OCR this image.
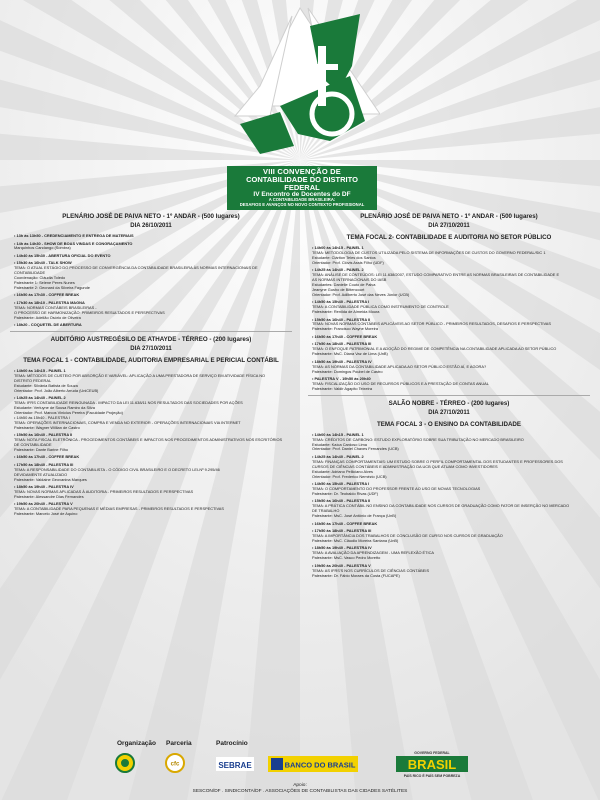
VIII CONVENÇÃO DE
CONTABILIDADE DO DISTRITO FEDERAL
IV Encontro de Docentes do DF
A CONTABILIDADE BRASILEIRA:
DESAFIOS E AVANÇOS NO NOVO CONTEXTO PROFISSIONAL
PLENÁRIO JOSÉ DE PAIVA NETO - 1º ANDAR - (500 lugares)
DIA 26/10/2011
• 13h às 13h50 - CREDENCIAMENTO E ENTREGA DE MATERIAIS
• 14h às 14h30 - SHOW DE BOAS VINDAS E CONGRAÇAMENTO
Marquinhos Candango (Sombra)
• 14h40 às 15h30 - ABERTURA OFICIAL DO EVENTO
• 15h30 às 16h40 - TALK SHOW
TEMA: O ATUAL ESTÁGIO DO PROCESSO DE CONVERGÊNCIA DA CONTABILIDADE BRASILEIRA ÀS NORMAS INTERNACIONAIS DE
CONTABILIDADE
Coordenação: Cláudia Toledo
Palestrante 1: Selene Peres Nunes
Palestrante 2: Geonard da Silveira Fagunde
• 16h50 às 17h30 - COFFEE BREAK
• 17h30 às 18h10 - PALESTRA MAGNA
TEMA: NORMAS CONTÁBEIS BRASILEIRAS -
O PROCESSO DE HARMONIZAÇÃO: PRIMEIROS RESULTADOS E PERSPECTIVAS
Palestrante: Adelião Osório de Oliveira
• 18h20 - COQUETEL DE ABERTURA
AUDITÓRIO AUSTREGÉSILO DE ATHAYDE - TÉRREO - (200 lugares)
DIA 27/10/2011
TEMA FOCAL 1 - CONTABILIDADE, AUDITORIA EMPRESARIAL E PERICIAL CONTÁBIL
• 14h00 às 14h15 - PAINEL 1
TEMA: MÉTODOS DE CUSTEIO POR ABSORÇÃO E VARIÁVEL: APLICAÇÃO A UMA PRESTADORA DE SERVIÇO EM ATIVIDADE FÍSICA NO
DISTRITO FEDERAL
Estudante: Silvânia Batista de Souza
Orientador: Prof. João Alberto Arruda (UniCEUB)
• 14h25 às 14h40 - PAINEL 2
TEMA: IFRS CONTABILIDADE REINGUNADA - IMPACTO DA LEI 11.638/11 NOS RESULTADOS DAS SOCIEDADES POR AÇÕES
Estudante: Verluyne de Sousa Ramiro da Silva
Orientador: Prof. Marcos Vinicius Pereira (Faculdade Projeção)
• 14h50 às 15h40 - PALESTRA I
TEMA: OPERAÇÕES INTERNACIONAIS, COMPRA E VENDA NO EXTERIOR - OPERAÇÕES INTERNACIONAIS VIA INTERNET
Palestrante: Wagner Willian de Castro
• 15h50 às 16h40 - PALESTRA II
TEMA: NOTA FISCAL ELETRÔNICA - PROCEDIMENTOS CONTÁBEIS E IMPACTOS NOS PROCEDIMENTOS ADMINISTRATIVOS NOS ESCRITÓRIOS
DE CONTABILIDADE
Palestrante: Dante Barine Filho
• 16h50 às 17h40 - COFFEE BREAK
• 17h50 às 18h40 - PALESTRA III
TEMA: A RESPONSABILIDADE DO CONTABILISTA - O CÓDIGO CIVIL BRASILEIRO E O DECRETO LEI-Nº 9.295/46
DEVIDAMENTE ATUALIZADO
Palestrante: Valdaine Geovanina Marques
• 18h50 às 19h40 - PALESTRA IV
TEMA: NOVAS NORMAS APLICADAS À AUDITORIA - PRIMEIROS RESULTADOS E PERSPECTIVAS
Palestrante: Alessandre Dias Fernandes
• 19h50 às 20h40 - PALESTRA V
TEMA: A CONTABILIDADE PARA PEQUENAS E MÉDIAS EMPRESAS - PRIMEIROS RESULTADOS E PERSPECTIVAS
Palestrante: Marcelo José de Aquino
PLENÁRIO JOSÉ DE PAIVA NETO - 1º ANDAR - (500 lugares)
DIA 27/10/2011
TEMA FOCAL 2- CONTABILIDADE E AUDITORIA NO SETOR PÚBLICO
• 14h00 às 14h15 - PAINEL 1
TEMA: METODOLOGIA DE CUSTOS UTILIZADA PELO SISTEMA DE INFORMAÇÕES DE CUSTOS DO GOVERNO FEDERAL/SIC 1
Estudante: Cláriton Teles dos Santos
Orientador: Prof. Clóvis Assis Filho (UDF)
• 14h25 às 14h40 - PAINEL 2
TEMA: ANÁLISE DE CONTEÚDOS: LEI 11.638/2007, ESTUDO COMPARATIVO ENTRE AS NORMAS BRASILEIRAS DE CONTABILIDADE E
AS NORMAS INTERNACIONAIS DO IASB
Estudantes: Danielle Couto de Paiva
Jeanyne Gusho de Bittencourt
Orientador: Prof. Adilberto José das Neves Júnior (UCB)
• 14h50 às 15h40 - PALESTRA I
TEMA: A CONTABILIDADE PÚBLICA COMO INSTRUMENTO DE CONTROLE
Palestrante: Renilda de Almeida Moura
• 15h50 às 16h40 - PALESTRA II
TEMA: NOVAS NORMAS CONTÁBEIS APLICÁVEIS AO SETOR PÚBLICO - PRIMEIROS RESULTADOS, DESAFIOS E PERSPECTIVAS
Palestrante: Francisco Wayne Moreira
• 16h50 às 17h40 - COFFEE BREAK
• 17h50 às 18h40 - PALESTRA III
TEMA: O ENFOQUE PATRIMONIAL E A ADOÇÃO DO REGIME DE COMPETÊNCIA NA CONTABILIDADE APLICADA AO SETOR PÚBLICO
Palestrante: MsC. Diana Vaz de Lima (UnB)
• 18h50 às 19h40 - PALESTRA IV
TEMA: AS NORMAS DA CONTABILIDADE APLICADA AO SETOR PÚBLICO ESTÃO AÍ, E AGORA?
Palestrante: Domingos Poubel de Castro
• PALESTRA V - 19h50 às 20h40
TEMA: FISCALIZAÇÃO DO USO DE RECURSOS PÚBLICOS E A PRESTAÇÃO DE CONTAS ANUAL
Palestrante: Valdir Agapito Teixeira
SALÃO NOBRE - TÉRREO - (200 lugares)
DIA 27/10/2011
TEMA FOCAL 3 - O ENSINO DA CONTABILIDADE
• 14h00 às 14h15 - PAINEL 1
TEMA: CRÉDITOS DE CARBONO: ESTUDO EXPLORATÓRIO SOBRE SUA TRIBUTAÇÃO NO MERCADO BRASILEIRO
Estudante: Kaíca Cardoso Lima
Orientador: Prof. Daniel Chaves Fernandes (UCB)
• 14h25 às 14h40 - PAINEL 2
TEMA: FINANÇAS COMPORTAMENTAIS: UM ESTUDO SOBRE O PERFIL COMPORTAMENTAL DOS ESTUDANTES E PROFESSORES DOS
CURSOS DE CIÊNCIAS CONTÁBEIS E ADMINISTRAÇÃO DA UCB QUE ATUAM COMO INVESTIDORES
Estudante: Adriano Pelliciano Alves
Orientador: Prof. Frederico Nemézio (UCB)
• 14h50 às 15h40 - PALESTRA I
TEMA: O COMPORTAMENTO DO PROFESSOR FRENTE AO USO DE NOVAS TECNOLOGIAS
Palestrante: Dr. Teobaldo Rivas (UDF)
• 15h50 às 16h40 - PALESTRA II
TEMA: A PRÁTICA CONTÁBIL NO ENSINO DA CONTABILIDADE NOS CURSOS DE GRADUAÇÃO COMO FATOR DE INSERÇÃO NO MERCADO
DE TRABALHO
Palestrante: MsC. José Antônio de França (UnB)
• 16h50 às 17h40 - COFFEE BREAK
• 17h50 às 18h40 - PALESTRA III
TEMA: A IMPORTÂNCIA DOS TRABALHOS DE CONCLUSÃO DE CURSO NOS CURSOS DE GRADUAÇÃO
Palestrante: MsC. Cláudio Moreira Santana (UnB)
• 18h50 às 19h40 - PALESTRA IV
TEMA: A AVALIAÇÃO DA APRENDIZAGEM - UMA REFLEXÃO ÉTICA
Palestrante: MsC. Vasco Pedro Moretto
• 19h50 às 20h40 - PALESTRA V
TEMA: AS IFRS'S NOS CURRÍCULOS DE CIÊNCIAS CONTÁBEIS
Palestrante: Dr. Fábio Moraes da Costa (FUCAPE)
Organização Parceria	Patrocínio
cfc	SEBRAE	BANCO DO BRASIL
GOVERNO FEDERAL
BRASIL
PAÍS RICO É PAÍS SEM POBREZA
Apoio:
SESCON/DF . SINDICONTA/DF . ASSOCIAÇÕES DE CONTABILISTAS DAS CIDADES SATÉLITES
